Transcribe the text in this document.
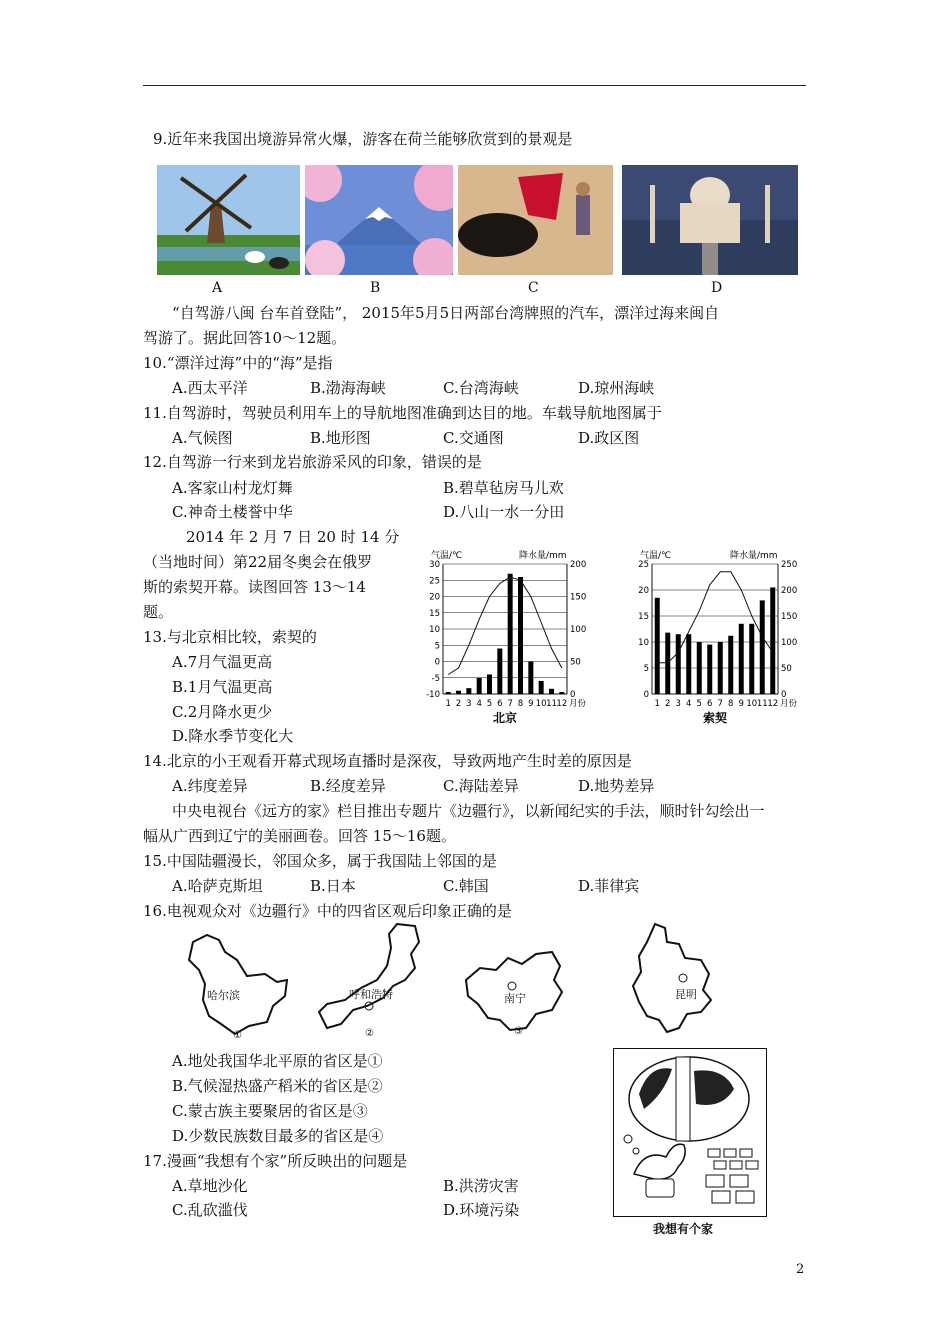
9.近年来我国出境游异常火爆，游客在荷兰能够欣赏到的景观是
A	B	C	D
“自驾游八闽 台车首登陆”， 2015年5月5日两部台湾牌照的汽车，漂洋过海来闽自
驾游了。据此回答10～12题。
10.“漂洋过海”中的“海”是指
A.西太平洋	B.渤海海峡	C.台湾海峡	D.琼州海峡
11.自驾游时，驾驶员利用车上的导航地图准确到达目的地。车载导航地图属于
A.气候图	B.地形图	C.交通图	D.政区图
12.自驾游一行来到龙岩旅游采风的印象，错误的是
A.客家山村龙灯舞	B.碧草毡房马儿欢
C.神奇土楼誉中华	D.八山一水一分田
2014 年 2 月 7 日 20 时 14 分
（当地时间）第22届冬奥会在俄罗
斯的索契开幕。读图回答 13～14
题。
13.与北京相比较，索契的
A.7月气温更高
B.1月气温更高
C.2月降水更少
D.降水季节变化大
气温/℃	降水量/mm
30
25
20
15
10
5
0
-5
-10
200
150
100
50
0
1 2 3 4 5 6 7 8 9 10 11 12 月份
北京
气温/℃	降水量/mm
25
20
15
10
5
0
250
200
150
100
50
0
1 2 3 4 5 6 7 8 9 10 11 12 月份
索契
14.北京的小王观看开幕式现场直播时是深夜，导致两地产生时差的原因是
A.纬度差异	B.经度差异	C.海陆差异	D.地势差异
中央电视台《远方的家》栏目推出专题片《边疆行》，以新闻纪实的手法，顺时针勾绘出一
幅从广西到辽宁的美丽画卷。回答 15～16题。
15.中国陆疆漫长，邻国众多，属于我国陆上邻国的是
A.哈萨克斯坦	B.日本	C.韩国	D.菲律宾
16.电视观众对《边疆行》中的四省区观后印象正确的是
哈尔滨
①
呼和浩特
②
南宁
③
昆明
A.地处我国华北平原的省区是①
B.气候湿热盛产稻米的省区是②
C.蒙古族主要聚居的省区是③
D.少数民族数目最多的省区是④
17.漫画“我想有个家”所反映出的问题是
A.草地沙化	B.洪涝灾害
C.乱砍滥伐	D.环境污染
我想有个家
2
